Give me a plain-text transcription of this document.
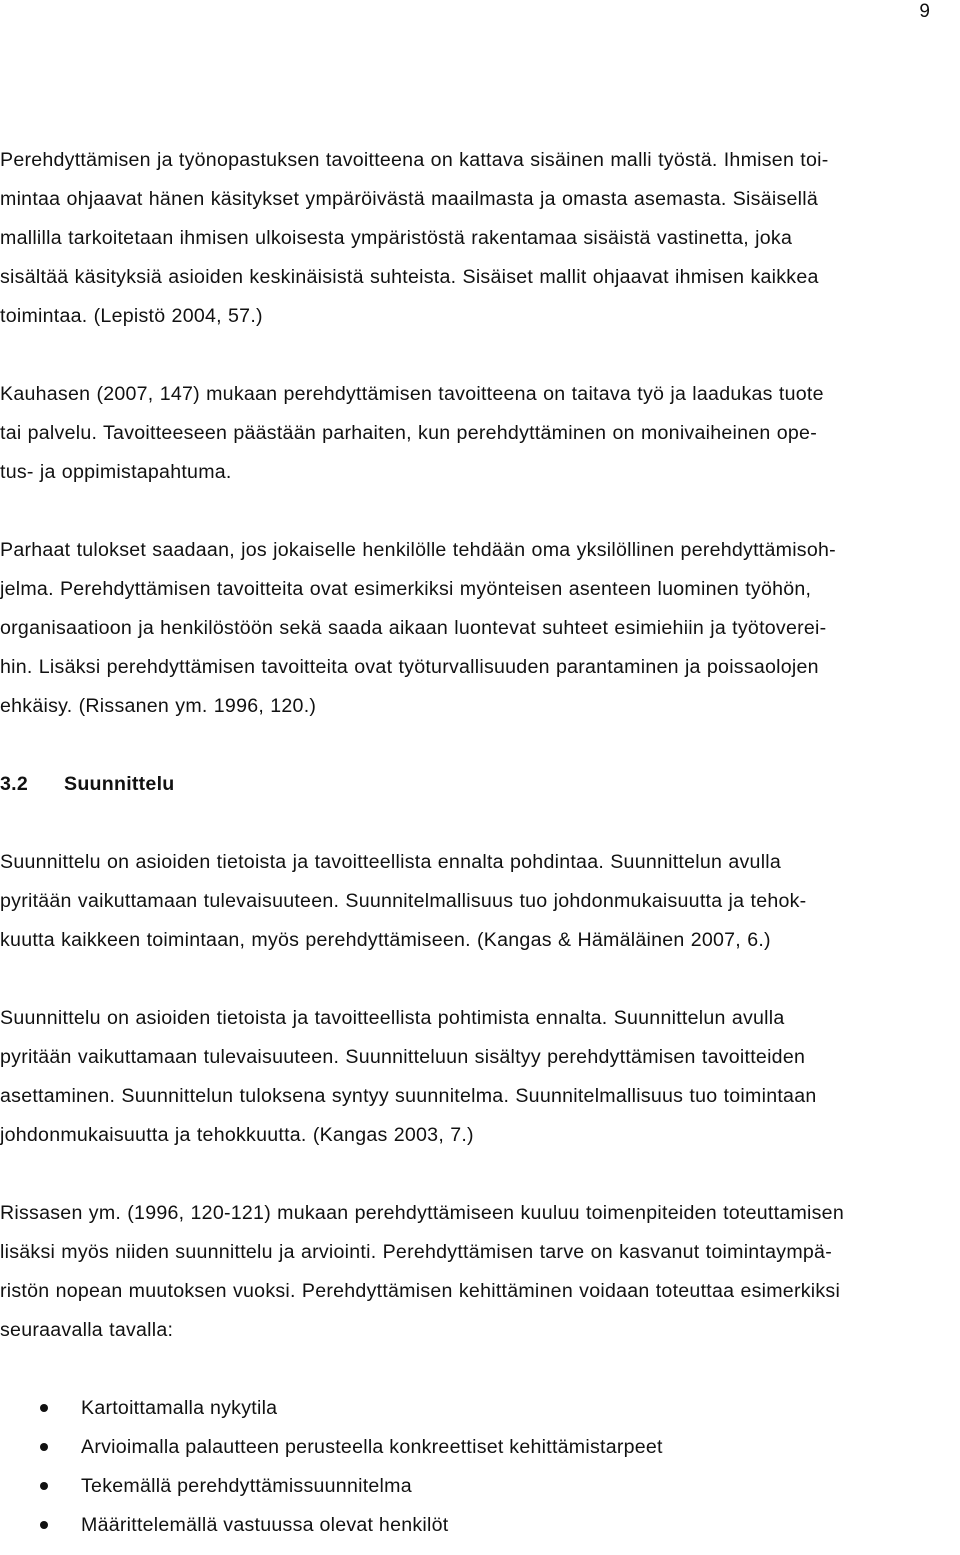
9

Perehdyttämisen ja työnopastuksen tavoitteena on kattava sisäinen malli työstä. Ihmisen toi-
mintaa ohjaavat hänen käsitykset ympäröivästä maailmasta ja omasta asemasta. Sisäisellä
mallilla tarkoitetaan ihmisen ulkoisesta ympäristöstä rakentamaa sisäistä vastinetta, joka
sisältää käsityksiä asioiden keskinäisistä suhteista. Sisäiset mallit ohjaavat ihmisen kaikkea
toimintaa. (Lepistö 2004, 57.)

Kauhasen (2007, 147) mukaan perehdyttämisen tavoitteena on taitava työ ja laadukas tuote
tai palvelu. Tavoitteeseen päästään parhaiten, kun perehdyttäminen on monivaiheinen ope-
tus- ja oppimistapahtuma.

Parhaat tulokset saadaan, jos jokaiselle henkilölle tehdään oma yksilöllinen perehdyttämisoh-
jelma. Perehdyttämisen tavoitteita ovat esimerkiksi myönteisen asenteen luominen työhön,
organisaatioon ja henkilöstöön sekä saada aikaan luontevat suhteet esimiehiin ja työtoverei-
hin. Lisäksi perehdyttämisen tavoitteita ovat työturvallisuuden parantaminen ja poissaolojen
ehkäisy. (Rissanen ym. 1996, 120.)

3.2 Suunnittelu

Suunnittelu on asioiden tietoista ja tavoitteellista ennalta pohdintaa. Suunnittelun avulla
pyritään vaikuttamaan tulevaisuuteen. Suunnitelmallisuus tuo johdonmukaisuutta ja tehok-
kuutta kaikkeen toimintaan, myös perehdyttämiseen. (Kangas & Hämäläinen 2007, 6.)

Suunnittelu on asioiden tietoista ja tavoitteellista pohtimista ennalta. Suunnittelun avulla
pyritään vaikuttamaan tulevaisuuteen. Suunnitteluun sisältyy perehdyttämisen tavoitteiden
asettaminen. Suunnittelun tuloksena syntyy suunnitelma. Suunnitelmallisuus tuo toimintaan
johdonmukaisuutta ja tehokkuutta. (Kangas 2003, 7.)

Rissasen ym. (1996, 120-121) mukaan perehdyttämiseen kuuluu toimenpiteiden toteuttamisen
lisäksi myös niiden suunnittelu ja arviointi. Perehdyttämisen tarve on kasvanut toimintaympä-
ristön nopean muutoksen vuoksi. Perehdyttämisen kehittäminen voidaan toteuttaa esimerkiksi
seuraavalla tavalla:

Kartoittamalla nykytila
Arvioimalla palautteen perusteella konkreettiset kehittämistarpeet
Tekemällä perehdyttämissuunnitelma
Määrittelemällä vastuussa olevat henkilöt
